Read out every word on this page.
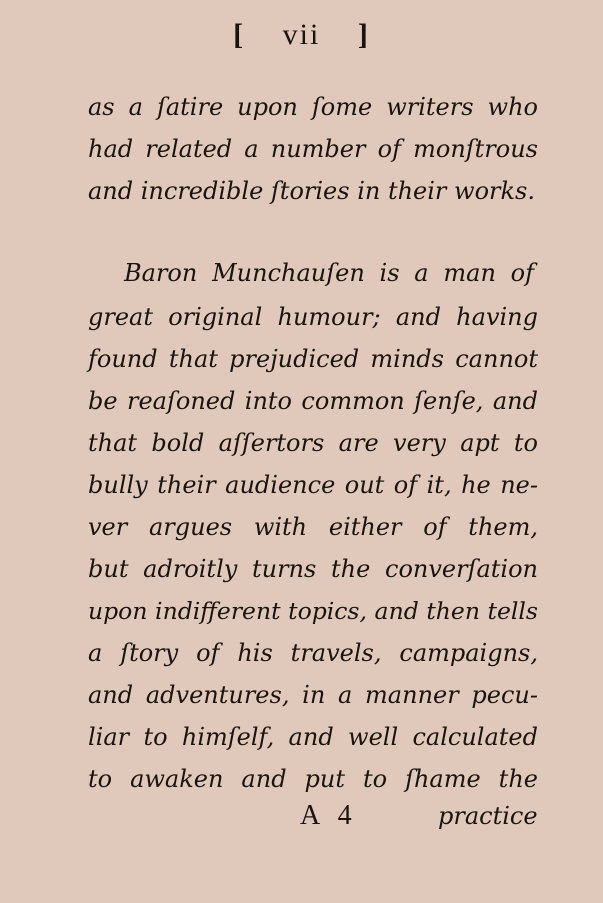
[ vii ]
as a ſatire upon ſome writers who
had related a number of monſtrous
and incredible ſtories in their works.
Baron Munchauſen is a man of
great original humour; and having
found that prejudiced minds cannot
be reaſoned into common ſenſe, and
that bold aſſertors are very apt to
bully their audience out of it, he ne-
ver argues with either of them,
but adroitly turns the converſation
upon indifferent topics, and then tells
a ſtory of his travels, campaigns,
and adventures, in a manner pecu-
liar to himſelf, and well calculated
to awaken and put to ſhame the
A 4	practice
